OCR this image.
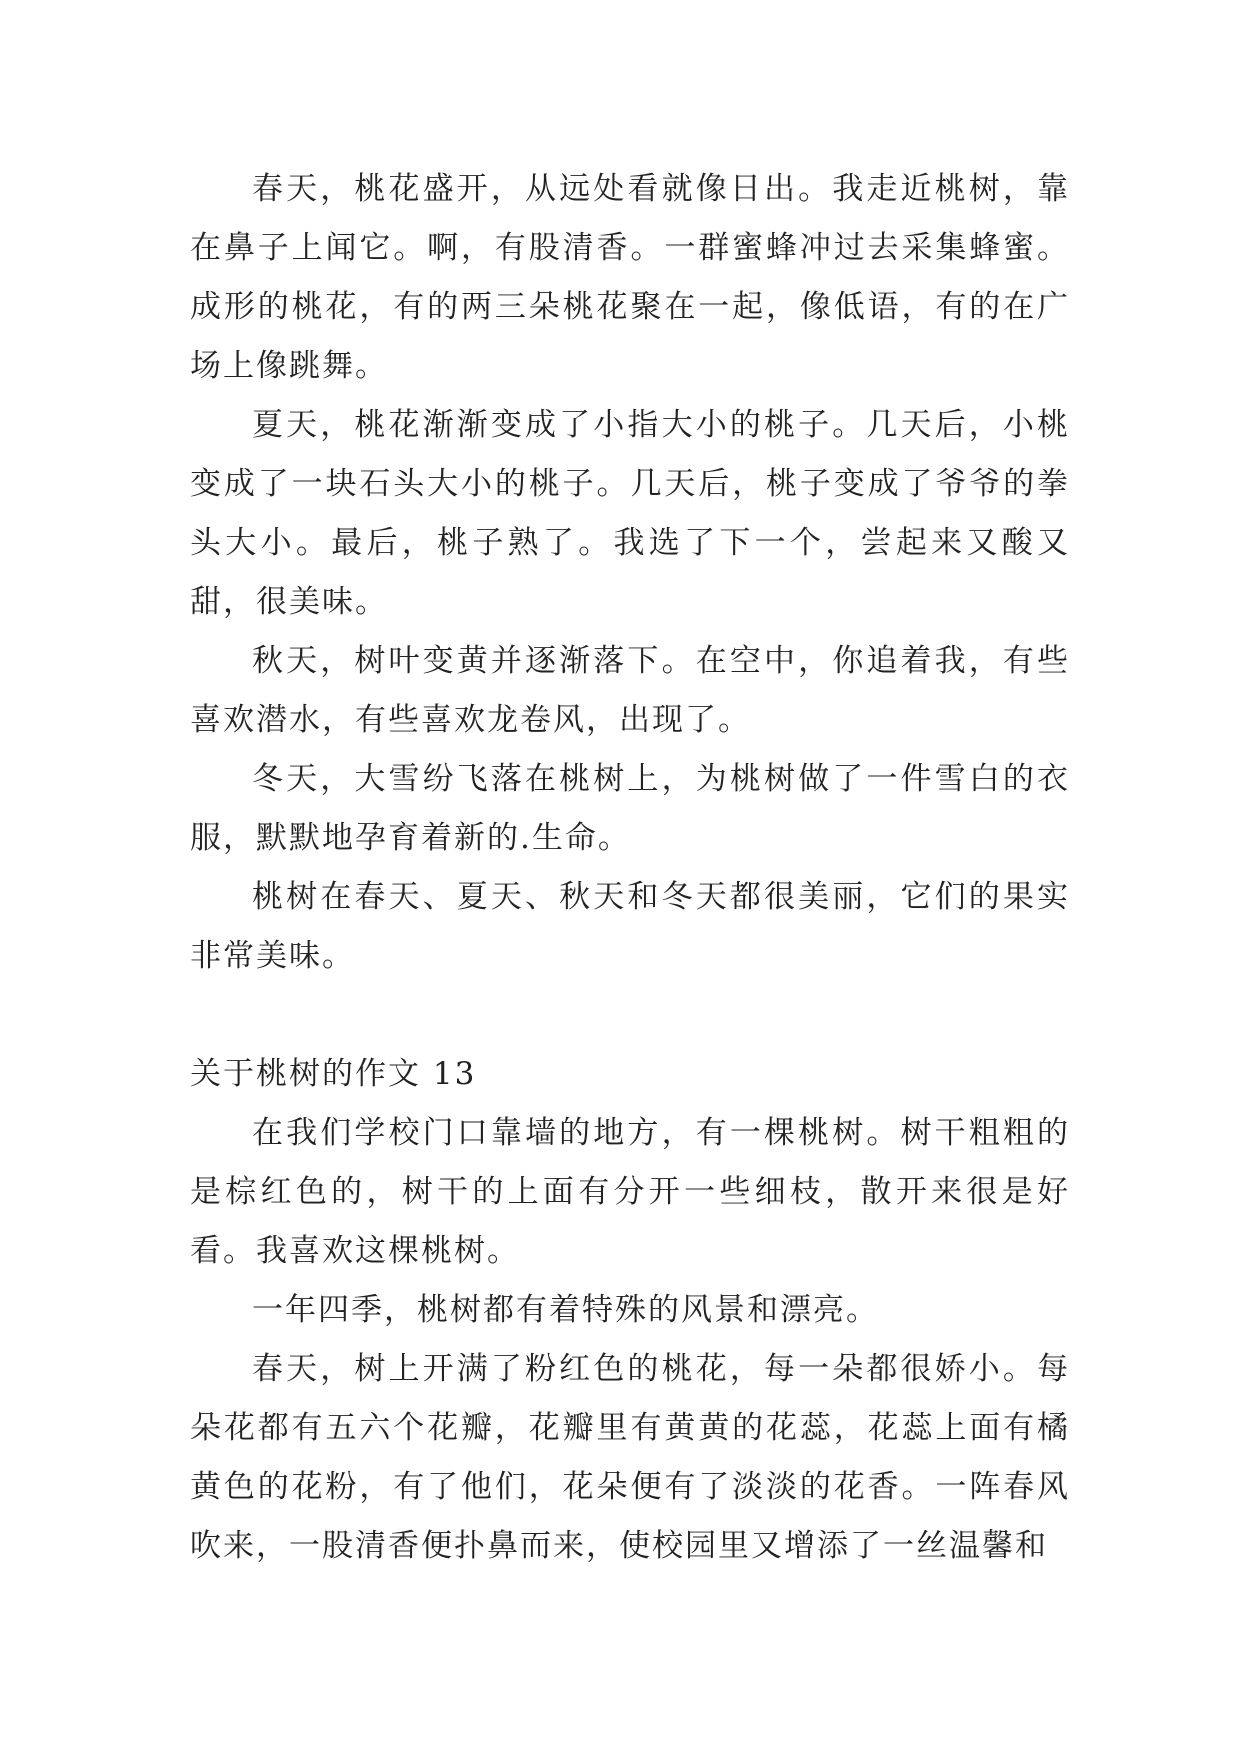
春天，桃花盛开，从远处看就像日出。我走近桃树，靠在鼻子上闻它。啊，有股清香。一群蜜蜂冲过去采集蜂蜜。成形的桃花，有的两三朵桃花聚在一起，像低语，有的在广场上像跳舞。

夏天，桃花渐渐变成了小指大小的桃子。几天后，小桃变成了一块石头大小的桃子。几天后，桃子变成了爷爷的拳头大小。最后，桃子熟了。我选了下一个，尝起来又酸又甜，很美味。

秋天，树叶变黄并逐渐落下。在空中，你追着我，有些喜欢潜水，有些喜欢龙卷风，出现了。

冬天，大雪纷飞落在桃树上，为桃树做了一件雪白的衣服，默默地孕育着新的.生命。

桃树在春天、夏天、秋天和冬天都很美丽，它们的果实非常美味。

关于桃树的作文 13

在我们学校门口靠墙的地方，有一棵桃树。树干粗粗的是棕红色的，树干的上面有分开一些细枝，散开来很是好看。我喜欢这棵桃树。

一年四季，桃树都有着特殊的风景和漂亮。

春天，树上开满了粉红色的桃花，每一朵都很娇小。每朵花都有五六个花瓣，花瓣里有黄黄的花蕊，花蕊上面有橘黄色的花粉，有了他们，花朵便有了淡淡的花香。一阵春风吹来，一股清香便扑鼻而来，使校园里又增添了一丝温馨和
